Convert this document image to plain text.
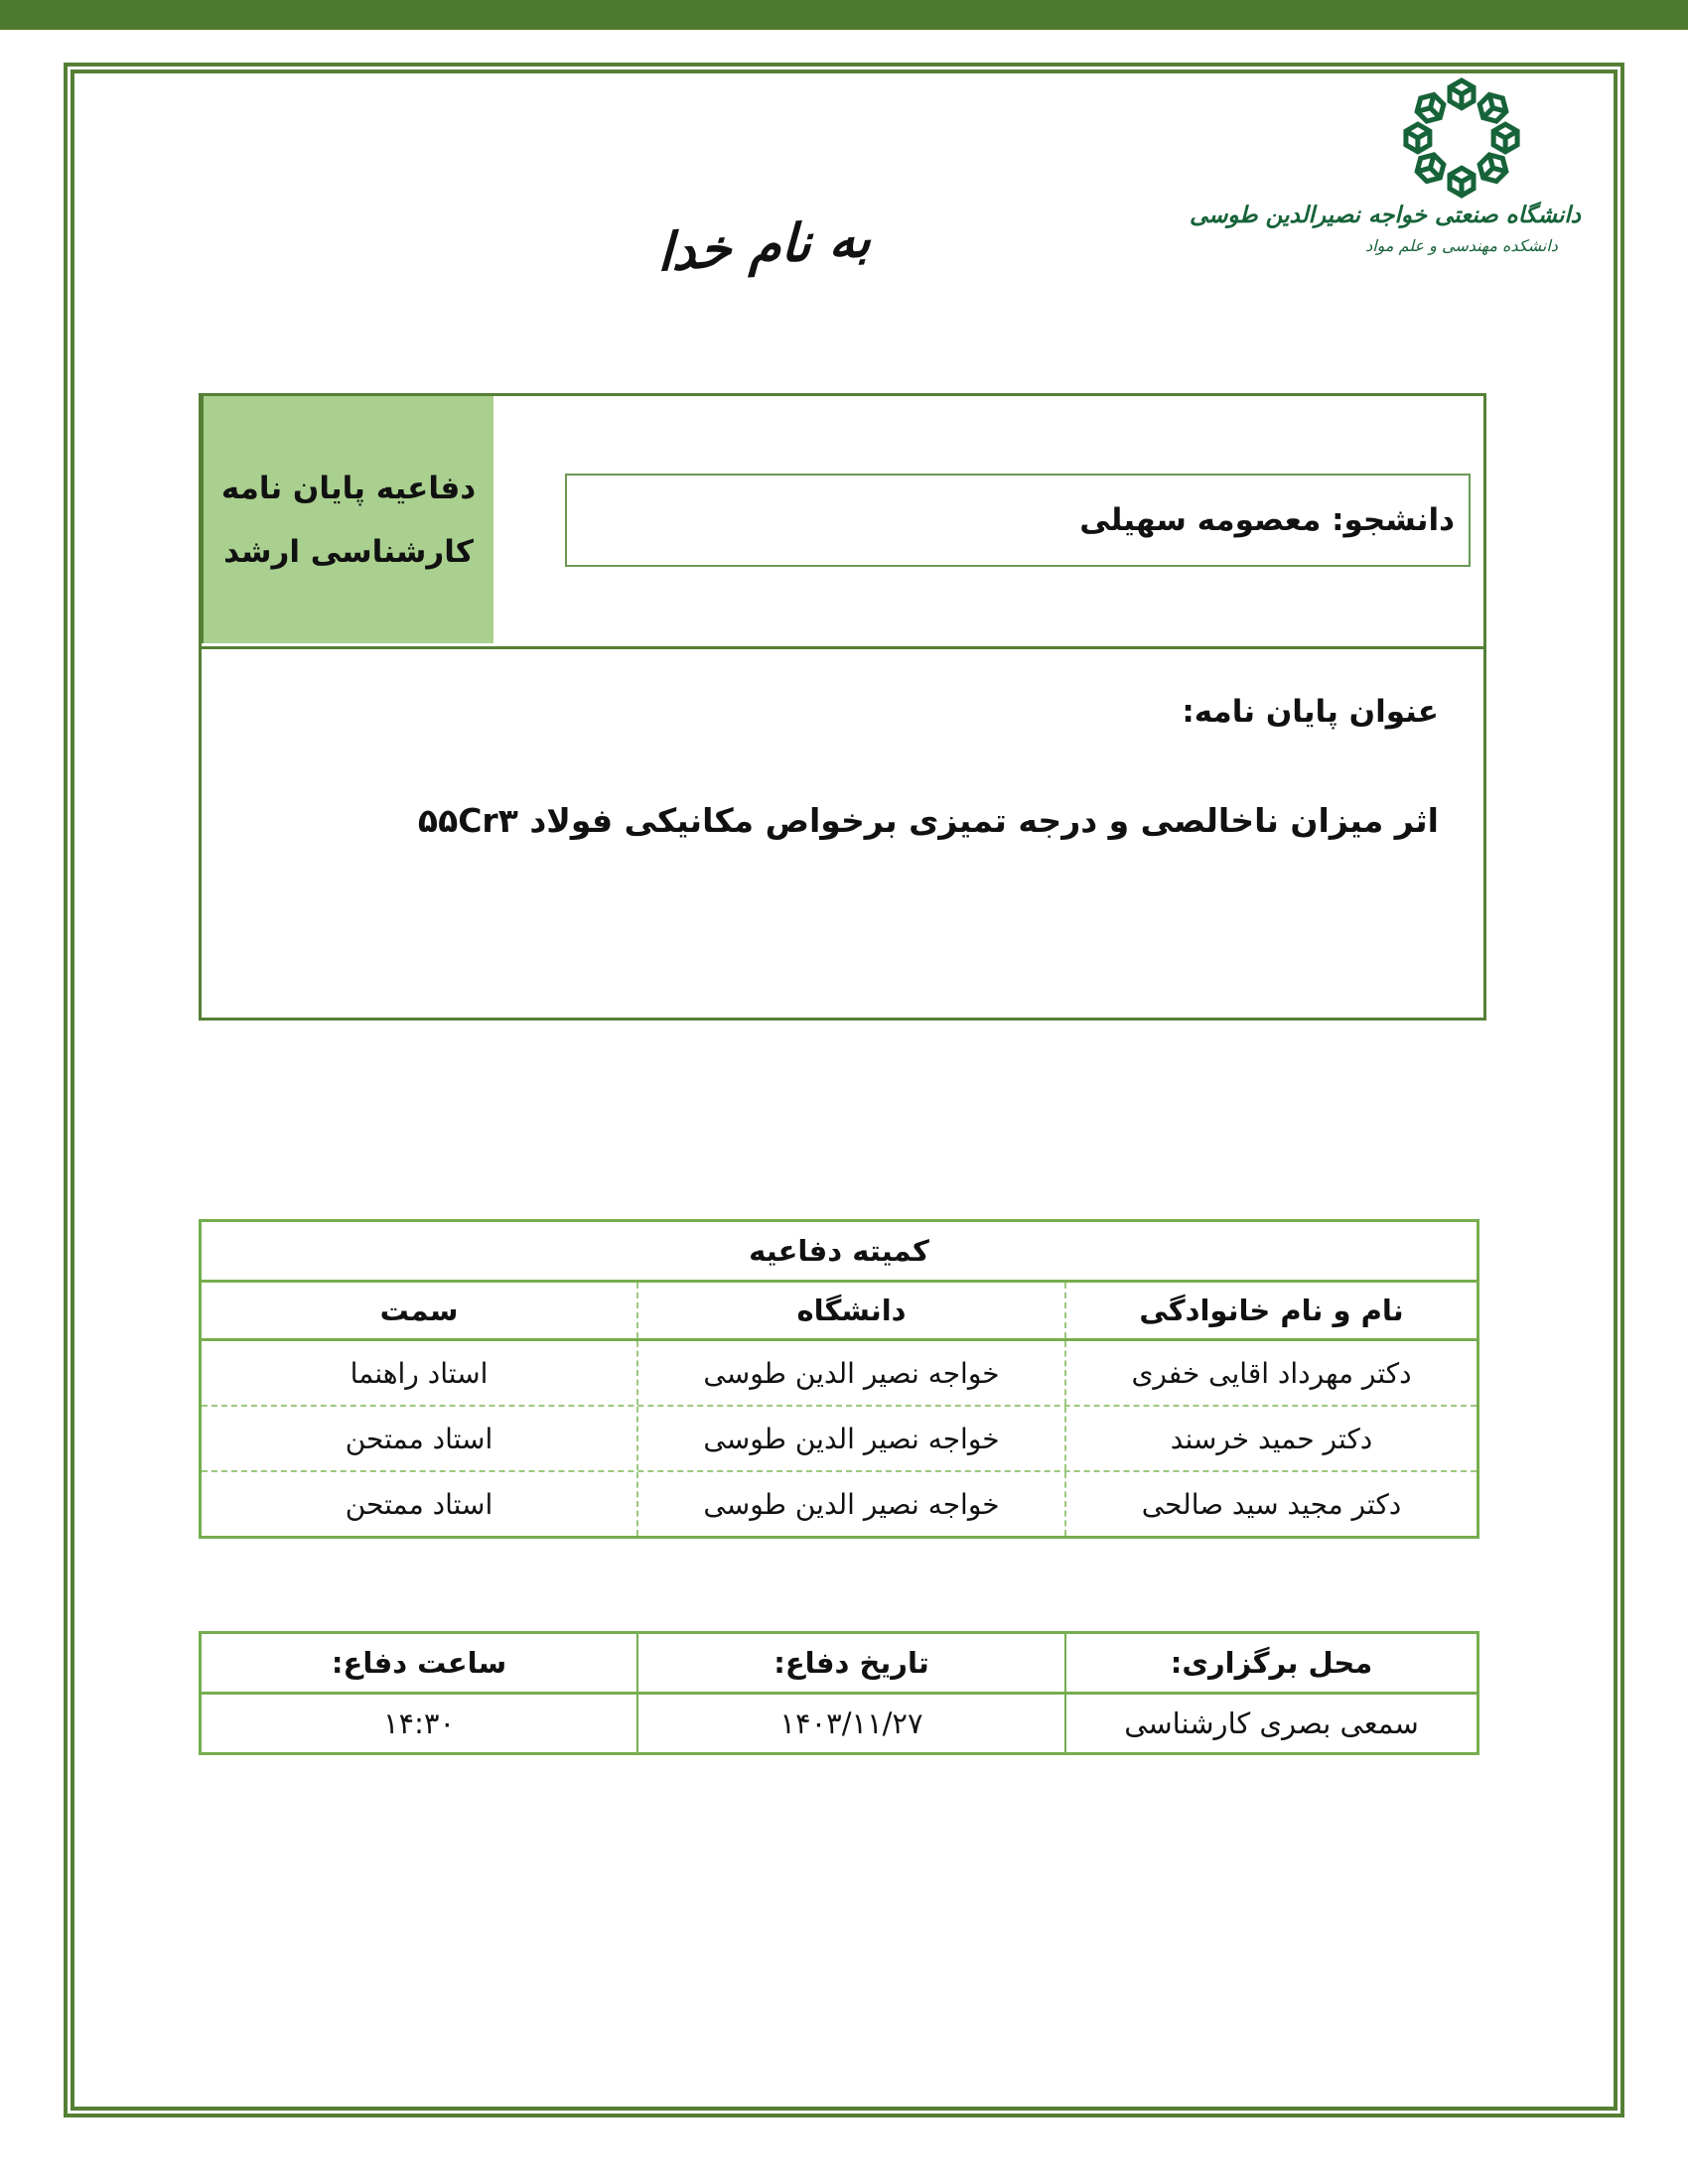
دانشگاه صنعتی خواجه نصیرالدین طوسی
دانشکده مهندسی و علم مواد
به نام خدا
دفاعیه پایان نامه
کارشناسی ارشد
دانشجو: معصومه سهیلی
عنوان پایان نامه:
اثر میزان ناخالصی و درجه تمیزی برخواص مکانیکی فولاد ۵۵Cr۳
کمیته دفاعیه
نام و نام خانوادگی
دانشگاه
سمت
دکتر مهرداد اقایی خفری
خواجه نصیر الدین طوسی
استاد راهنما
دکتر حمید خرسند
خواجه نصیر الدین طوسی
استاد ممتحن
دکتر مجید سید صالحی
خواجه نصیر الدین طوسی
استاد ممتحن
محل برگزاری:
تاریخ دفاع:
ساعت دفاع:
سمعی بصری کارشناسی
۱۴۰۳/۱۱/۲۷
۱۴:۳۰
